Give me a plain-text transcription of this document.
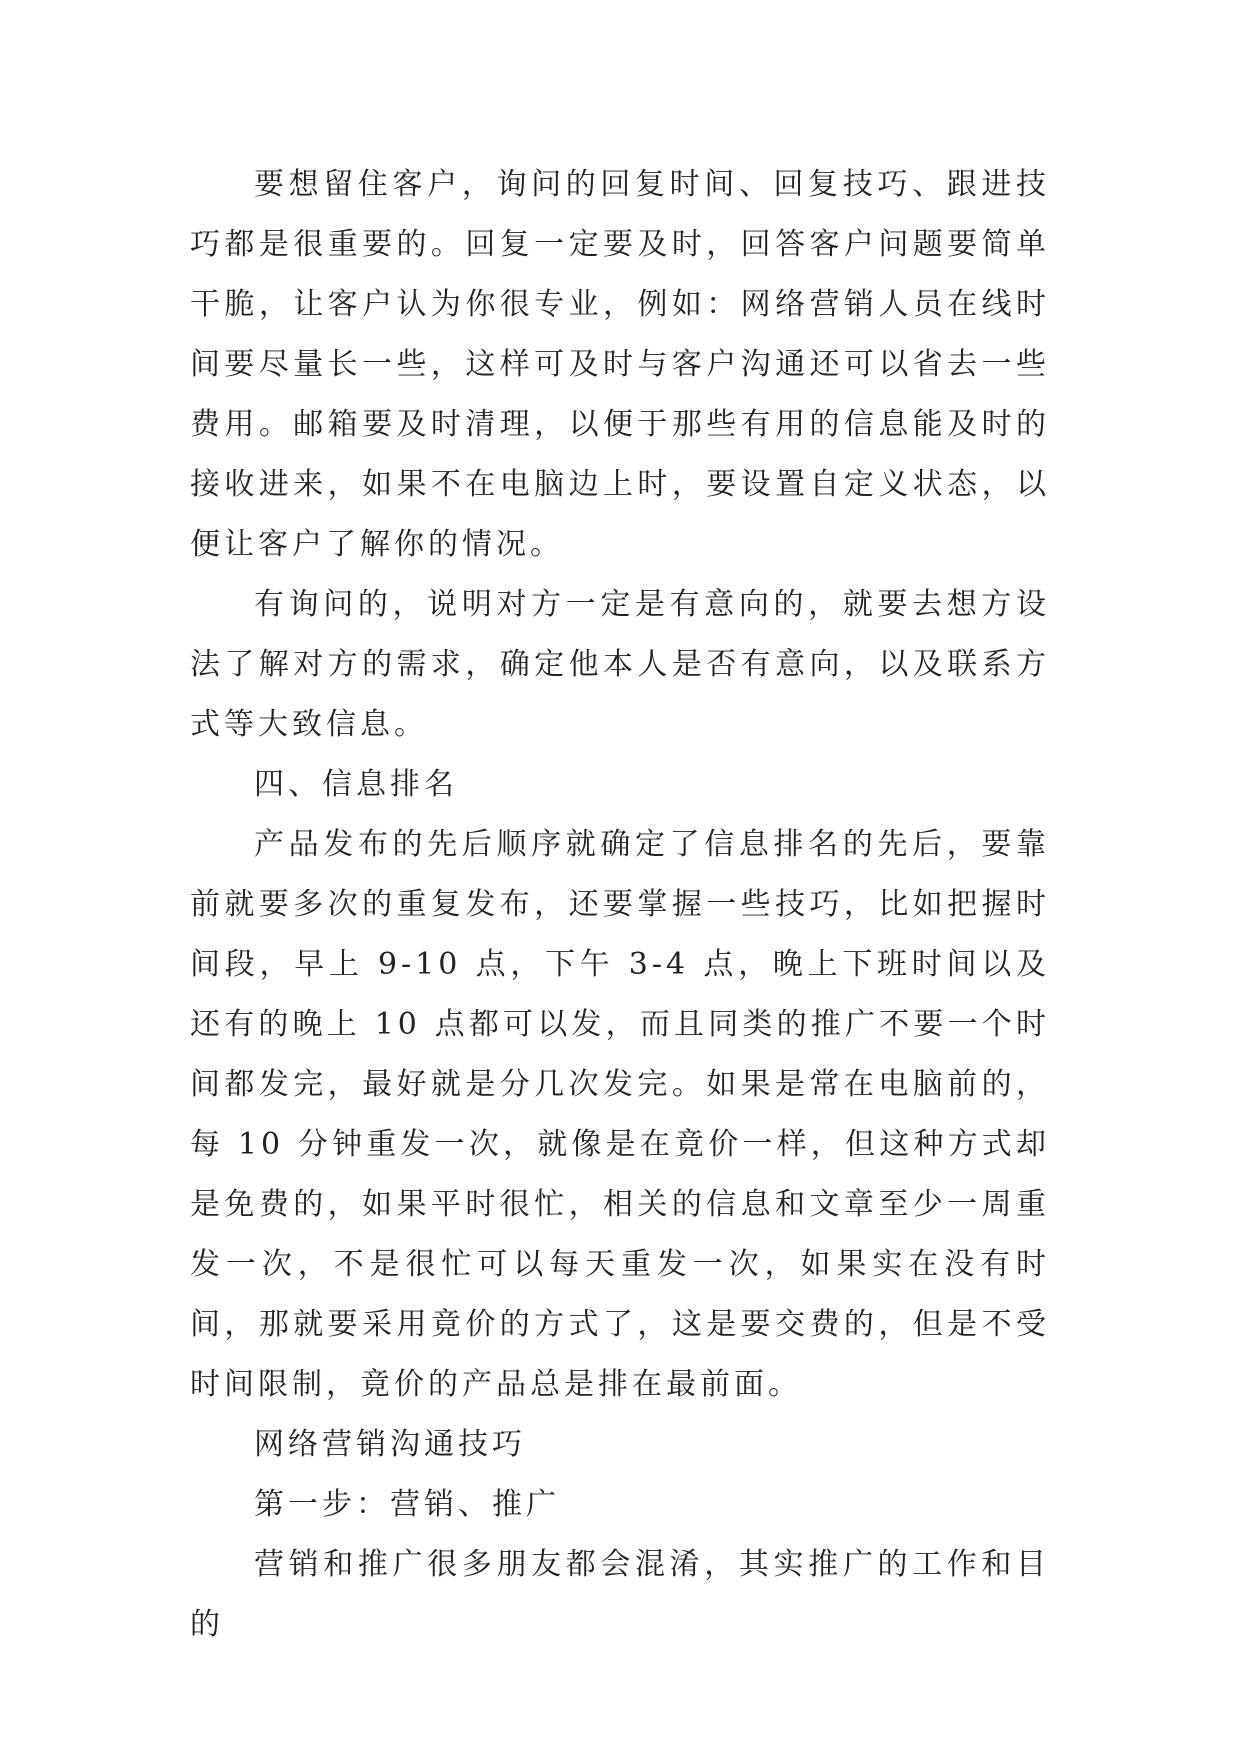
要想留住客户，询问的回复时间、回复技巧、跟进技巧都是很重要的。回复一定要及时，回答客户问题要简单干脆，让客户认为你很专业，例如：网络营销人员在线时间要尽量长一些，这样可及时与客户沟通还可以省去一些费用。邮箱要及时清理，以便于那些有用的信息能及时的接收进来，如果不在电脑边上时，要设置自定义状态，以便让客户了解你的情况。

有询问的，说明对方一定是有意向的，就要去想方设法了解对方的需求，确定他本人是否有意向，以及联系方式等大致信息。

四、信息排名

产品发布的先后顺序就确定了信息排名的先后，要靠前就要多次的重复发布，还要掌握一些技巧，比如把握时间段，早上 9-10 点，下午 3-4 点，晚上下班时间以及还有的晚上 10 点都可以发，而且同类的推广不要一个时间都发完，最好就是分几次发完。如果是常在电脑前的，每 10 分钟重发一次，就像是在竟价一样，但这种方式却是免费的，如果平时很忙，相关的信息和文章至少一周重发一次，不是很忙可以每天重发一次，如果实在没有时间，那就要采用竟价的方式了，这是要交费的，但是不受时间限制，竟价的产品总是排在最前面。

网络营销沟通技巧

第一步：营销、推广

营销和推广很多朋友都会混淆，其实推广的工作和目的
